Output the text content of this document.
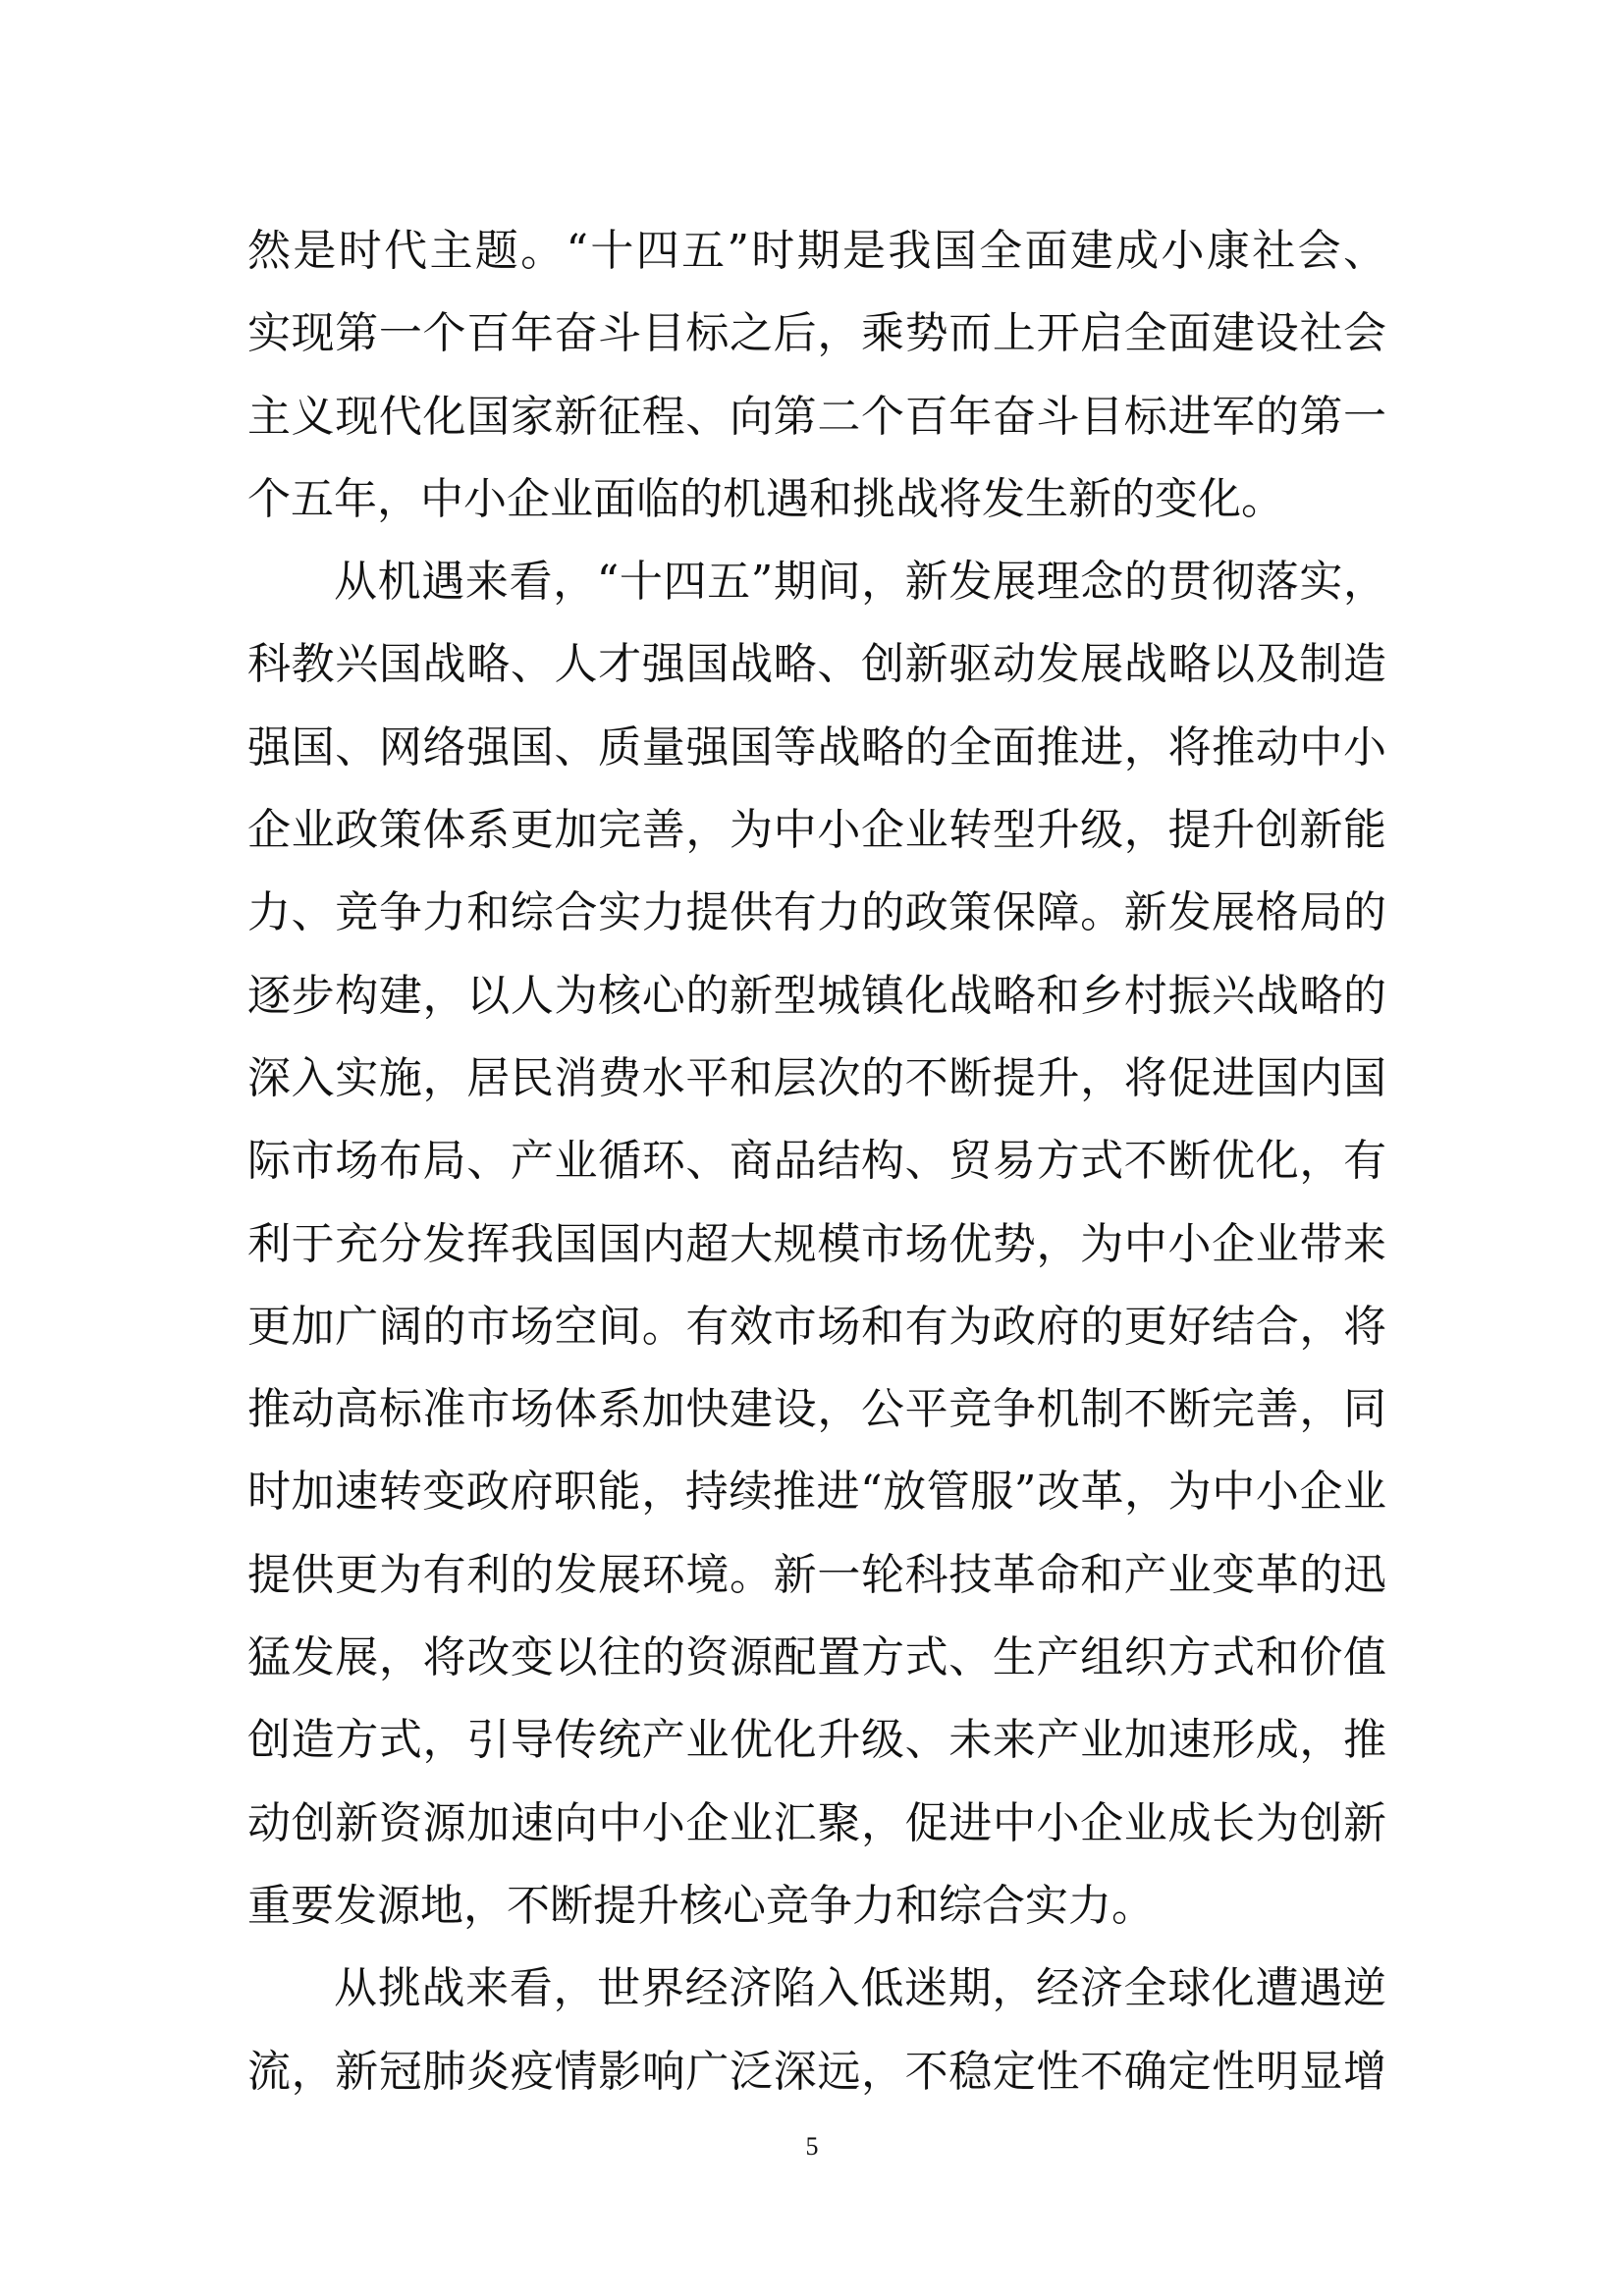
然是时代主题。“十四五”时期是我国全面建成小康社会、
实现第一个百年奋斗目标之后，乘势而上开启全面建设社会
主义现代化国家新征程、向第二个百年奋斗目标进军的第一
个五年，中小企业面临的机遇和挑战将发生新的变化。
从机遇来看，“十四五”期间，新发展理念的贯彻落实，
科教兴国战略、人才强国战略、创新驱动发展战略以及制造
强国、网络强国、质量强国等战略的全面推进，将推动中小
企业政策体系更加完善，为中小企业转型升级，提升创新能
力、竞争力和综合实力提供有力的政策保障。新发展格局的
逐步构建，以人为核心的新型城镇化战略和乡村振兴战略的
深入实施，居民消费水平和层次的不断提升，将促进国内国
际市场布局、产业循环、商品结构、贸易方式不断优化，有
利于充分发挥我国国内超大规模市场优势，为中小企业带来
更加广阔的市场空间。有效市场和有为政府的更好结合，将
推动高标准市场体系加快建设，公平竞争机制不断完善，同
时加速转变政府职能，持续推进“放管服”改革，为中小企业
提供更为有利的发展环境。新一轮科技革命和产业变革的迅
猛发展，将改变以往的资源配置方式、生产组织方式和价值
创造方式，引导传统产业优化升级、未来产业加速形成，推
动创新资源加速向中小企业汇聚，促进中小企业成长为创新
重要发源地，不断提升核心竞争力和综合实力。
从挑战来看，世界经济陷入低迷期，经济全球化遭遇逆
流，新冠肺炎疫情影响广泛深远，不稳定性不确定性明显增
5
